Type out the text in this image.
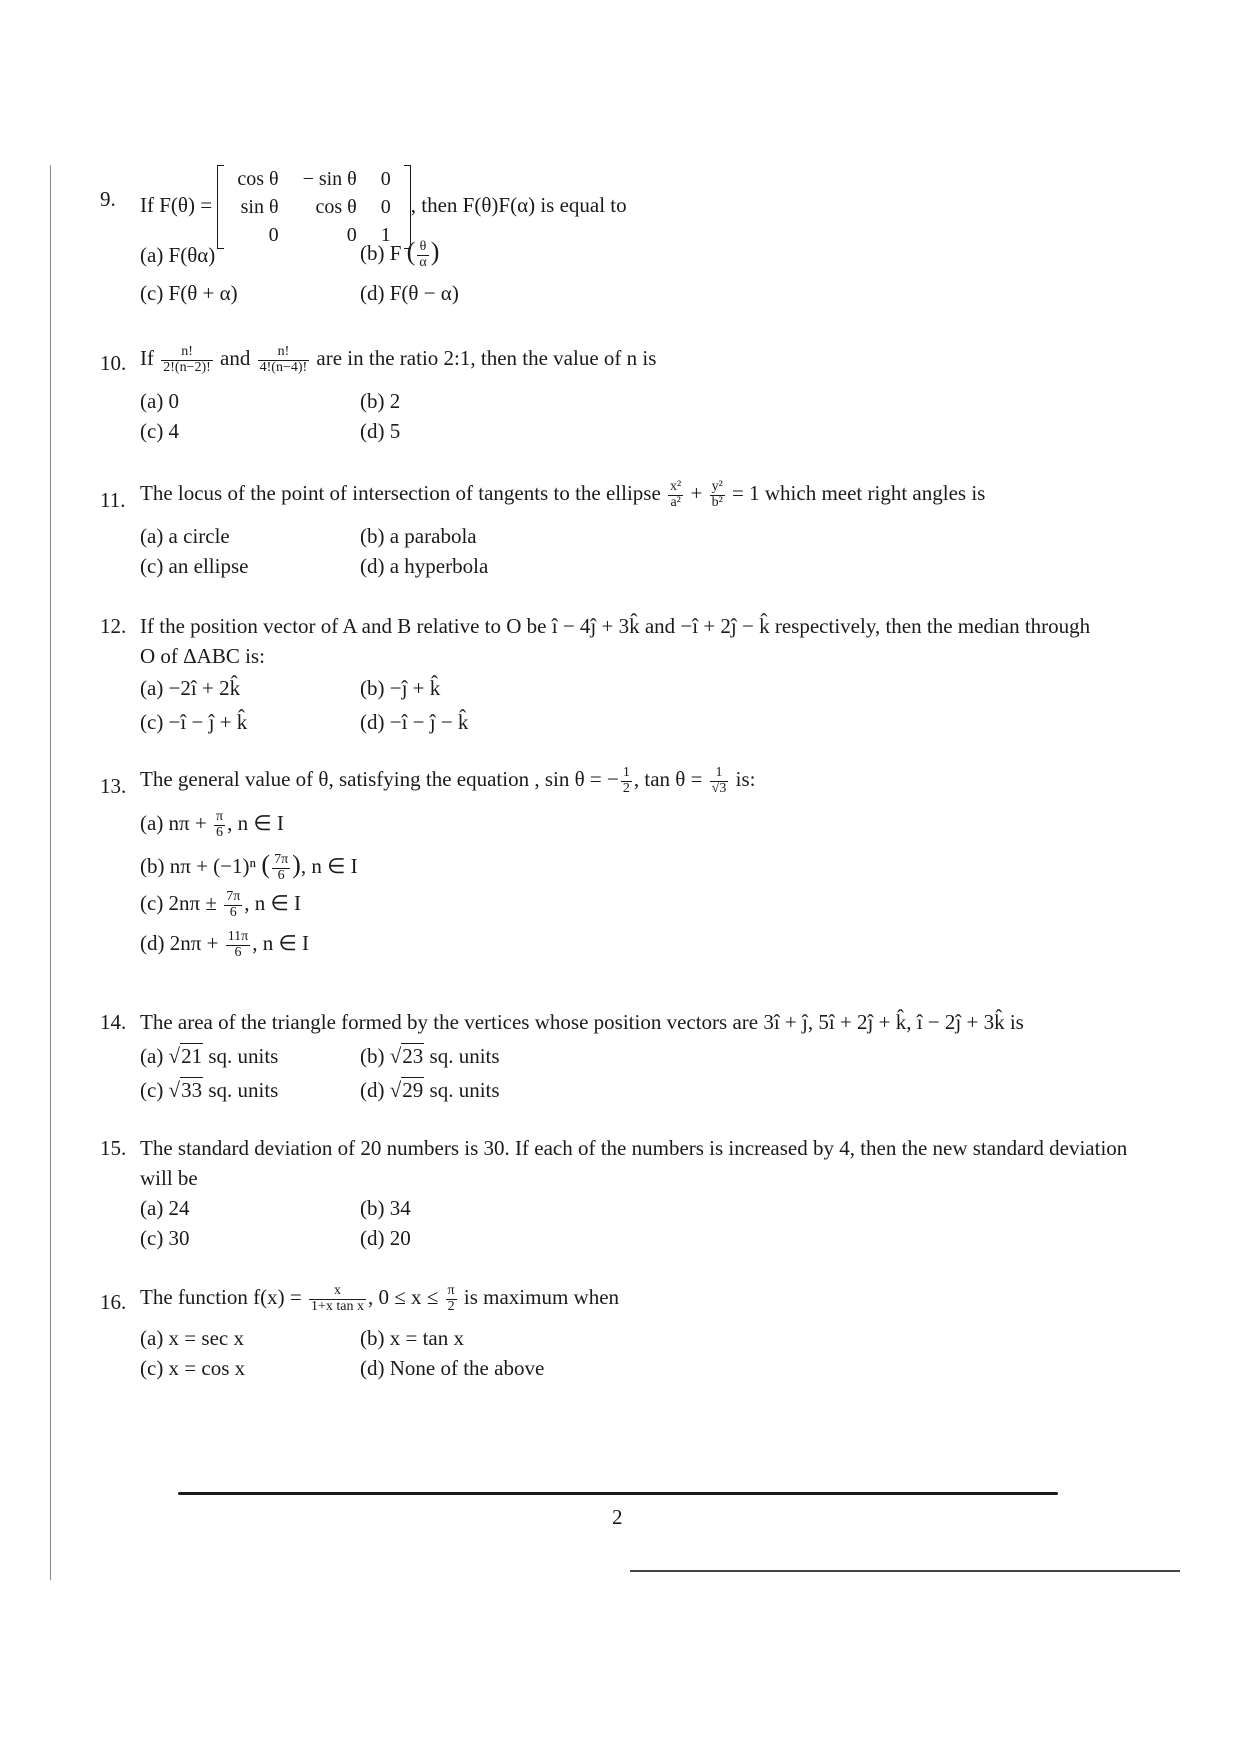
9.	If F(θ) =
cos θ	− sin θ	0
sin θ	cos θ	0
0	0	1
, then F(θ)F(α) is equal to
(a) F(θα)	(b) F ( $\frac{\theta}{\alpha}$ )
(c) F(θ + α)	(d) F(θ − α)
10. If $\frac{n!}{2!(n-2)!}$ and $\frac{n!}{4!(n-4)!}$ are in the ratio 2:1, then the value of n is
(a) 0	(b) 2
(c) 4	(d) 5
11. The locus of the point of intersection of tangents to the ellipse $\frac{\text{x²}}{\text{a²}} + \frac{\text{y²}}{\text{b²}} = 1$ which meet right angles is
(a) a circle	(b) a parabola
(c) an ellipse	(d) a hyperbola
12. If the position vector of A and B relative to O be î − 4ĵ + 3k̂ and −î + 2ĵ − k̂ respectively, then the median through
O of ΔABC is:
(a) −2î + 2k̂	(b) −ĵ + k̂
(c) −î − ĵ + k̂	(d) −î − ĵ − k̂
13. The general value of θ, satisfying the equation , sin θ = − $\frac{1}{2}$ , $\tan \theta = \frac{1}{√3}$ is:
(a) $n\pi + \frac{\pi}{6}$ , n ∈ I
(b) nπ + (−1)ⁿ ( $\frac{7\pi}{6}$ ), n ∈ I
(c) $2n\pi \pm \frac{7\pi}{6}$ , n ∈ I
(d) $2n\pi + \frac{11\pi}{6}$ , n ∈ I
14. The area of the triangle formed by the vertices whose position vectors are 3î + ĵ, 5î + 2ĵ + k̂, î − 2ĵ + 3k̂ is
(a) √21 sq. units	(b) √23 sq. units
(c) √33 sq. units	(d) √29 sq. units
15. The standard deviation of 20 numbers is 30. If each of the numbers is increased by 4, then the new standard deviation
will be
(a) 24	(b) 34
(c) 30	(d) 20
16. The function $f(x) = \frac{x}{\text{1+x tan x}}$ , $0 \le x \le \frac{\pi}{2}$ is maximum when
(a) x = sec x	(b) x = tan x
(c) x = cos x	(d) None of the above
2
